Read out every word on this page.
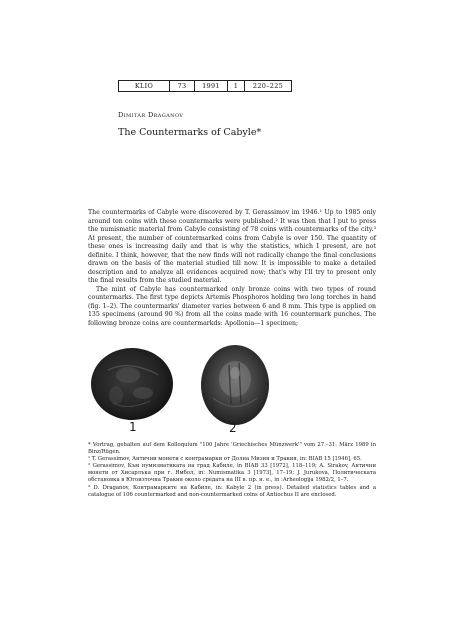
KLIO	73	1991	1	220–225
Dimitar Draganov
The Countermarks of Cabyle*

The countermarks of Cabyle were discovered by T. Gerassimov im 1946.¹ Up to 1985 only around ten coins with these countermarks were published.² It was then that I put to press the numismatic material from Cabyle consisting of 78 coins with countermarks of the city.³ At present, the number of countermarked coins from Cabyle is over 150. The quantity of these ones is increasing daily and that is why the statistics, which I present, are not definite. I think, however, that the new finds will not radically change the final conclusions drawn on the basis of the material studied till now. It is impossible to make a detailed description and to analyze all evidences acquired now; that's why I'll try to present only the final results from the studied material.

The mint of Cabyle has countermarked only bronze coins with two types of round countermarks. The first type depicts Artemis Phosphoros holding two long torches in hand (fig. 1–2). The countermarks' diameter varies between 6 and 8 mm. This type is applied on 135 specimens (around 90 %) from all the coins made with 16 countermark punches. The following bronze coins are countermarkds: Apollonia—1 specimen;

1	2

* Vortrag, gehalten auf dem Kolloquium "100 Jahre 'Griechisches Münzwerk'" vom 27.–31. März 1989 in Binz/Rügen.

¹ T. Gerassimov, Антични монети с контрамарки от Долна Мизия и Тракия, in: BIAB 15 [1946], 65.

² Gerassimov, Към нумизматиката на град Кабиле, in BIAB 33 [1972], 118–119; A. Sirakov, Антични монети от Хисарлъка при г. Ямбол, in: Numismatika 3 [1973], 17–19; J. Jurukova, Политическата обстановка в Югоизточна Тракия около средата на III в. пр. н. е., in :Arheologija 1982/2, 1–7.

³ D. Draganov, Контрамарките на Кабиле, in: Kabyle 2 (in press). Detailed statistics tables and a catalogue of 106 countermarked and non-countermarked coins of Antiochus II are enclosed.
